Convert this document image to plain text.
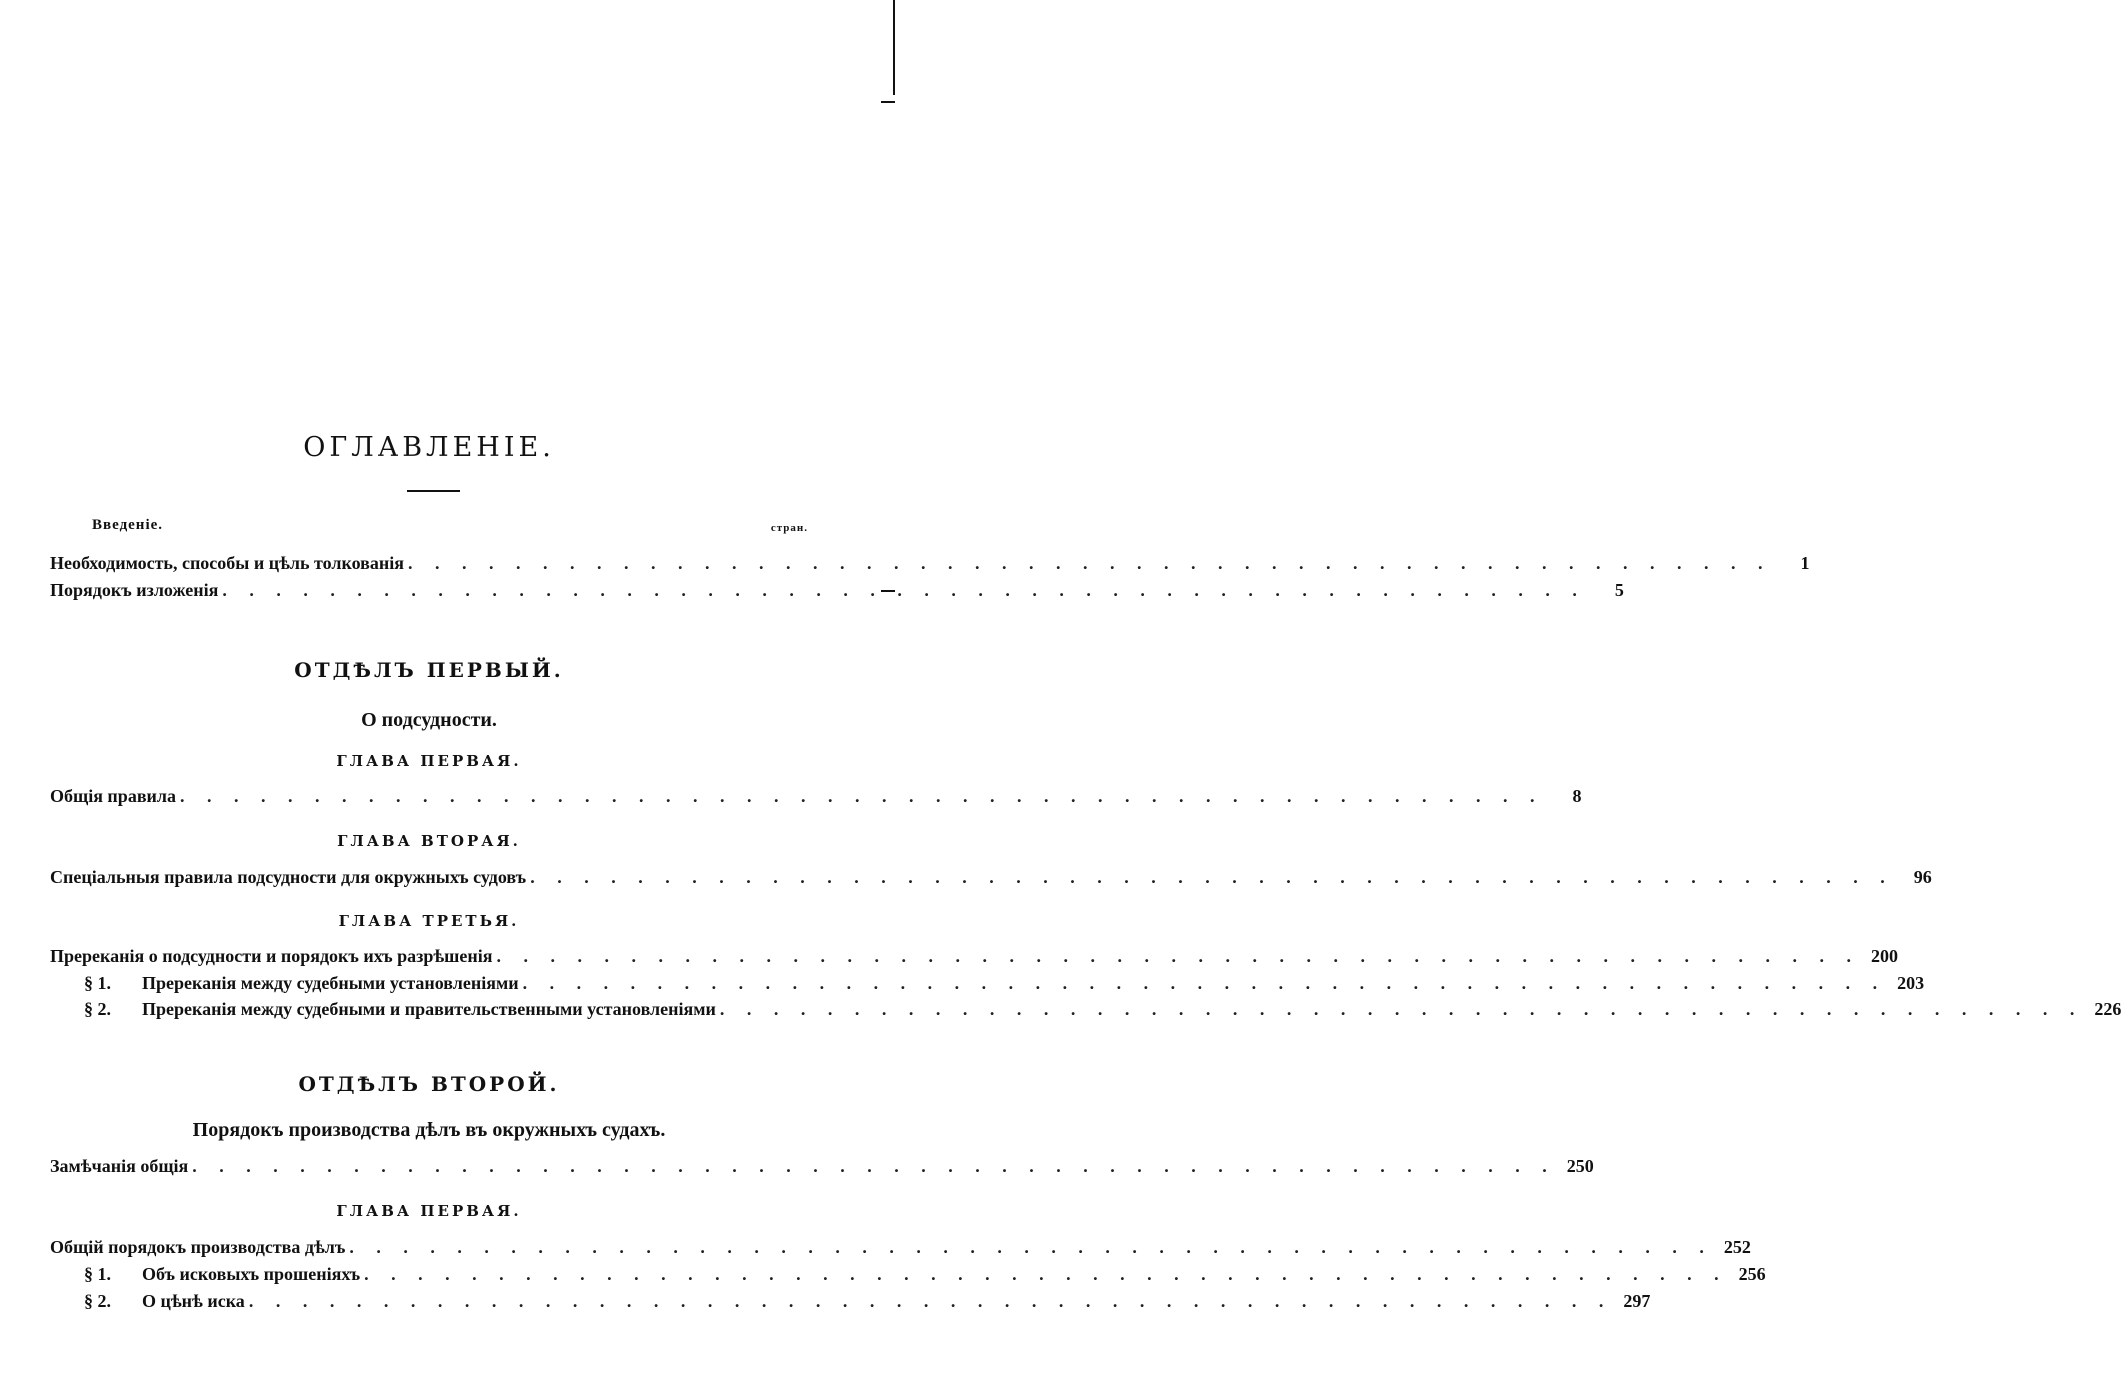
ОГЛАВЛЕНІЕ.
Введеніе.	стран.
Необходимость, способы и цѣль толкованія . . . . . . . . . . . . . . . . . . . . . . . . . . . . . . . . . . . . . . . . . . . . . . . . . . .	1
Порядокъ изложенія . . . . . . . . . . . . . . . . . . . . . . . . . . . . . . . . . . . . . . . . . . . . . . . . . . .	5
ОТДѢЛЪ ПЕРВЫЙ.
О подсудности.
ГЛАВА ПЕРВАЯ.
Общія правила . . . . . . . . . . . . . . . . . . . . . . . . . . . . . . . . . . . . . . . . . . . . . . . . . . .	8
ГЛАВА ВТОРАЯ.
Спеціальныя правила подсудности для окружныхъ судовъ . . . . . . . . . . . . . . . . . . . . . . . . . . . . . . . . . . . . . . . . . . . . . . . . . . .	96
ГЛАВА ТРЕТЬЯ.
Пререканія о подсудности и порядокъ ихъ разрѣшенія . . . . . . . . . . . . . . . . . . . . . . . . . . . . . . . . . . . . . . . . . . . . . . . . . . . 200
§ 1. Пререканія между судебными установленіями . . . . . . . . . . . . . . . . . . . . . . . . . . . . . . . . . . . . . . . . . . . . . . . . . . . 203
§ 2. Пререканія между судебными и правительственными установленіями . . . . . . . . . . . . . . . . . . . . . . . . . . . . . . . . . . . . . . . . . . . . . . . . . . . 226
ОТДѢЛЪ ВТОРОЙ.
Порядокъ производства дѣлъ въ окружныхъ судахъ.
Замѣчанія общія . . . . . . . . . . . . . . . . . . . . . . . . . . . . . . . . . . . . . . . . . . . . . . . . . . . 250
ГЛАВА ПЕРВАЯ.
Общій порядокъ производства дѣлъ . . . . . . . . . . . . . . . . . . . . . . . . . . . . . . . . . . . . . . . . . . . . . . . . . . . 252
§ 1. Объ исковыхъ прошеніяхъ . . . . . . . . . . . . . . . . . . . . . . . . . . . . . . . . . . . . . . . . . . . . . . . . . . . 256
§ 2. О цѣнѣ иска . . . . . . . . . . . . . . . . . . . . . . . . . . . . . . . . . . . . . . . . . . . . . . . . . . . 297
